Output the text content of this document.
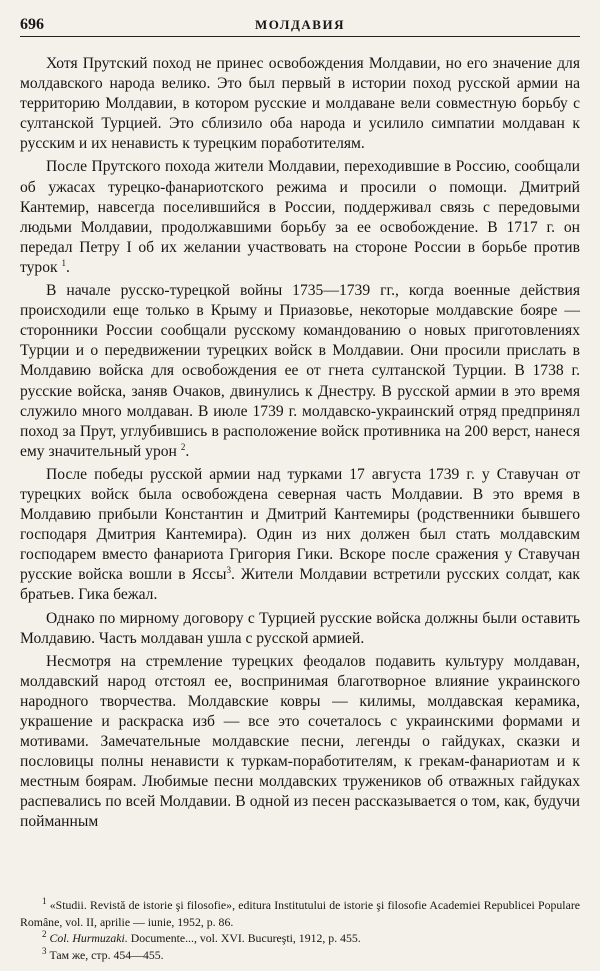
696	МОЛДАВИЯ

Хотя Прутский поход не принес освобождения Молдавии, но его значение для молдавского народа велико. Это был первый в истории поход русской армии на территорию Молдавии, в котором русские и молдаване вели совместную борьбу с султанской Турцией. Это сблизило оба народа и усилило симпатии молдаван к русским и их ненависть к турецким поработителям.

После Прутского похода жители Молдавии, переходившие в Россию, сообщали об ужасах турецко-фанариотского режима и просили о помощи. Дмитрий Кантемир, навсегда поселившийся в России, поддерживал связь с передовыми людьми Молдавии, продолжавшими борьбу за ее освобождение. В 1717 г. он передал Петру I об их желании участвовать на стороне России в борьбе против турок $^1$.

В начале русско-турецкой войны 1735—1739 гг., когда военные действия происходили еще только в Крыму и Приазовье, некоторые молдавские бояре — сторонники России сообщали русскому командованию о новых приготовлениях Турции и о передвижении турецких войск в Молдавии. Они просили прислать в Молдавию войска для освобождения ее от гнета султанской Турции. В 1738 г. русские войска, заняв Очаков, двинулись к Днестру. В русской армии в это время служило много молдаван. В июле 1739 г. молдавско-украинский отряд предпринял поход за Прут, углубившись в расположение войск противника на 200 верст, нанеся ему значительный урон $^2$.

После победы русской армии над турками 17 августа 1739 г. у Ставучан от турецких войск была освобождена северная часть Молдавии. В это время в Молдавию прибыли Константин и Дмитрий Кантемиры (родственники бывшего господаря Дмитрия Кантемира). Один из них должен был стать молдавским господарем вместо фанариота Григория Гики. Вскоре после сражения у Ставучан русские войска вошли в Яссы$^3$. Жители Молдавии встретили русских солдат, как братьев. Гика бежал.

Однако по мирному договору с Турцией русские войска должны были оставить Молдавию. Часть молдаван ушла с русской армией.

Несмотря на стремление турецких феодалов подавить культуру молдаван, молдавский народ отстоял ее, воспринимая благотворное влияние украинского народного творчества. Молдавские ковры — килимы, молдавская керамика, украшение и раскраска изб — все это сочеталось с украинскими формами и мотивами. Замечательные молдавские песни, легенды о гайдуках, сказки и пословицы полны ненависти к туркам-поработителям, к грекам-фанариотам и к местным боярам. Любимые песни молдавских тружеников об отважных гайдуках распевались по всей Молдавии. В одной из песен рассказывается о том, как, будучи пойманным

$^1$ «Studii. Revistă de istorie şi filosofie», editura Institutului de istorie şi filosofie Academiei Republicei Populare Române, vol. II, aprilie — iunie, 1952, p. 86.

$^2$ Col. Hurmuzaki. Documente..., vol. XVI. Bucureşti, 1912, p. 455.

$^3$ Там же, стр. 454—455.
